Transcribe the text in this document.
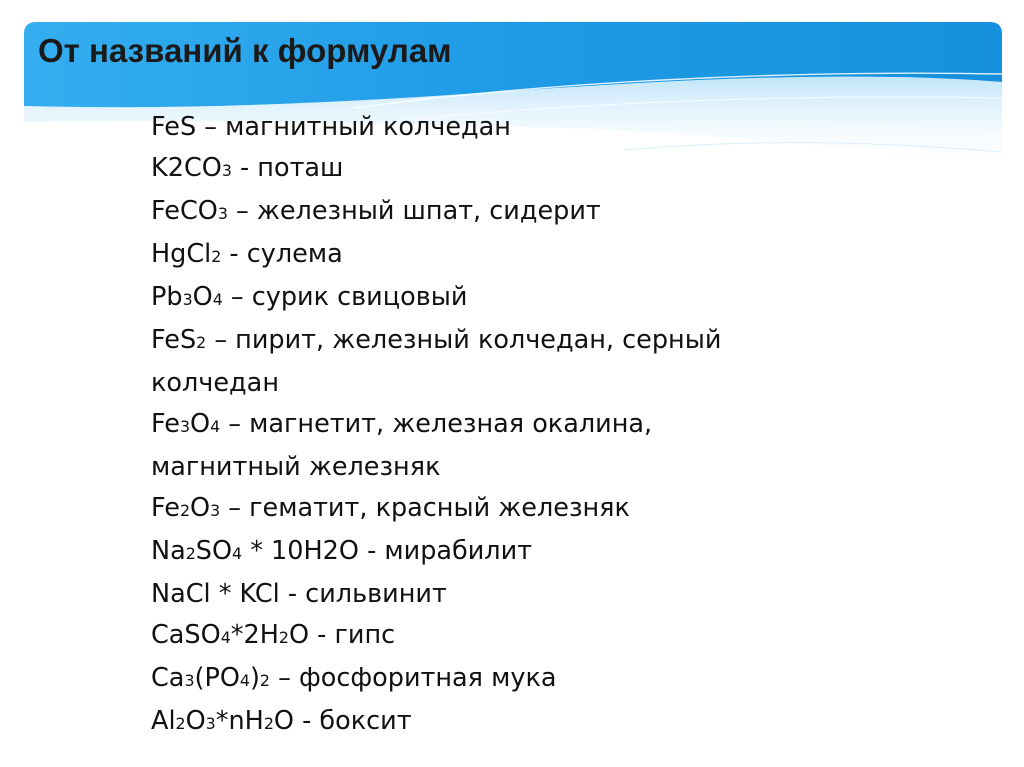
От названий к формулам
FeS – магнитный колчедан
K2CO3 - поташ
FeCO3 – железный шпат, сидерит
HgCl2 - сулема
Pb3O4 – сурик свицовый
FeS2 – пирит, железный колчедан, серный
колчедан
Fe3O4 – магнетит, железная окалина,
магнитный железняк
Fe2O3 – гематит, красный железняк
Na2SO4 * 10H2O - мирабилит
NaCl * KCl - сильвинит
CaSO4*2H2O - гипс
Ca3(PO4)2 – фосфоритная мука
Al2O3*nH2O - боксит
